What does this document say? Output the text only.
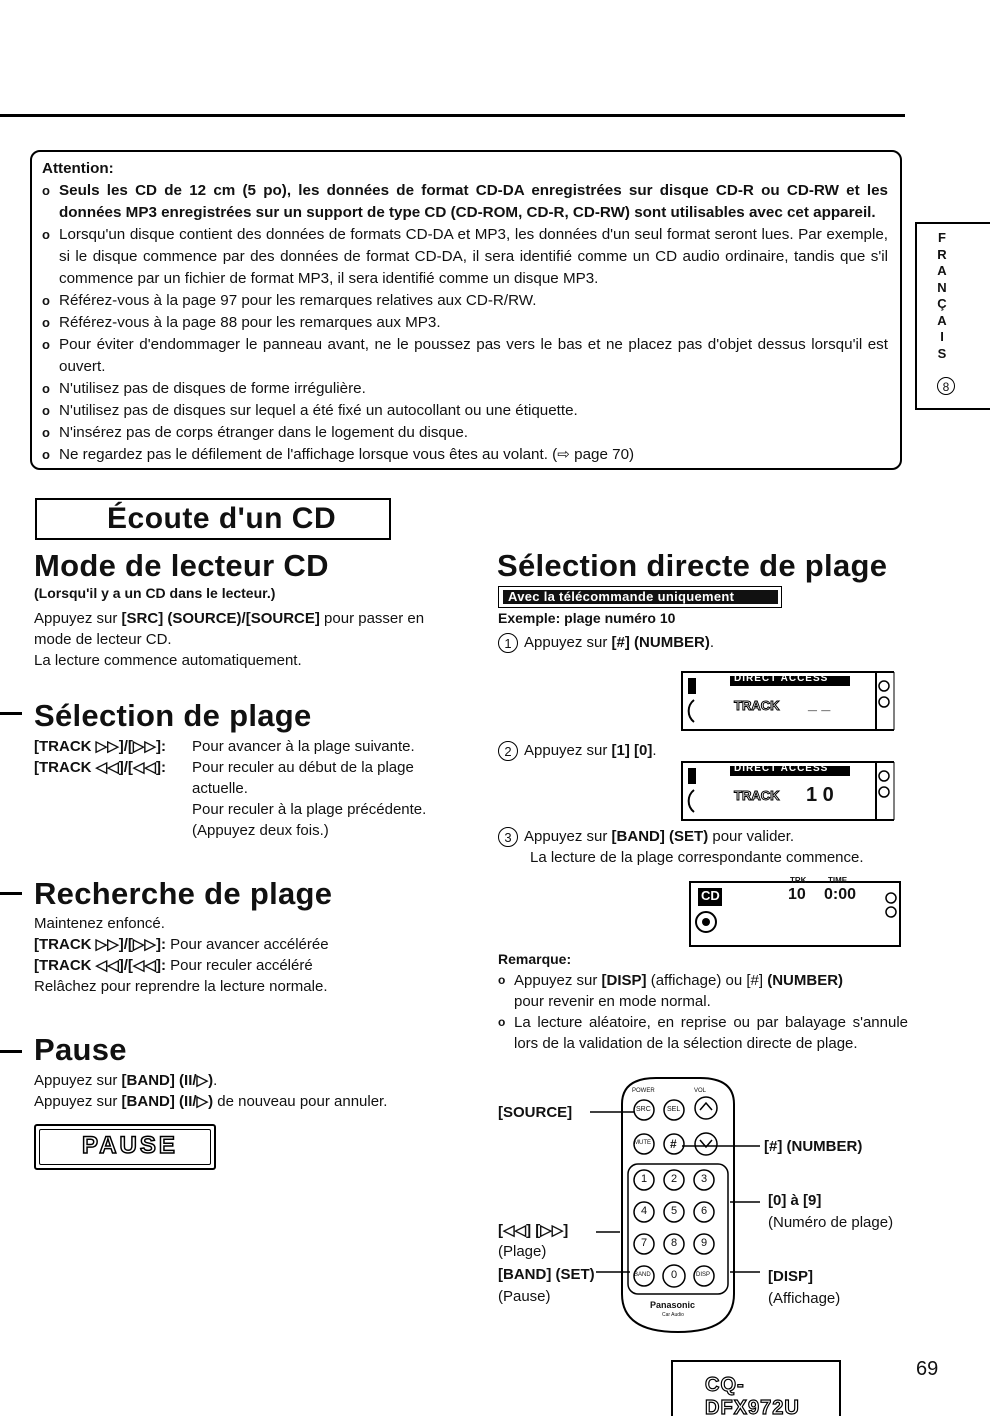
Attention:
o Seuls les CD de 12 cm (5 po), les données de format CD-DA enregistrées sur disque CD-R ou CD-RW et les données MP3 enregistrées sur un support de type CD (CD-ROM, CD-R, CD-RW) sont utilisables avec cet appareil.
o Lorsqu'un disque contient des données de formats CD-DA et MP3, les données d'un seul format seront lues. Par exemple, si le disque commence par des données de format CD-DA, il sera identifié comme un CD audio ordinaire, tandis que s'il commence par un fichier de format MP3, il sera identifié comme un disque MP3.
o Référez-vous à la page 97 pour les remarques relatives aux CD-R/RW.
o Référez-vous à la page 88 pour les remarques aux MP3.
o Pour éviter d'endommager le panneau avant, ne le poussez pas vers le bas et ne placez pas d'objet dessus lorsqu'il est ouvert.
o N'utilisez pas de disques de forme irrégulière.
o N'utilisez pas de disques sur lequel a été fixé un autocollant ou une étiquette.
o N'insérez pas de corps étranger dans le logement du disque.
o Ne regardez pas le défilement de l'affichage lorsque vous êtes au volant. (⇨ page 70)
F
R
A
N
Ç
A
I
S
8
Écoute d'un CD
Mode de lecteur CD
(Lorsqu'il y a un CD dans le lecteur.)
Appuyez sur [SRC] (SOURCE)/[SOURCE] pour passer en
mode de lecteur CD.
La lecture commence automatiquement.
Sélection de plage
[TRACK ▷▷]/[▷▷]: Pour avancer à la plage suivante.
[TRACK ◁◁]/[◁◁]: Pour reculer au début de la plage
actuelle.
Pour reculer à la plage précédente.
(Appuyez deux fois.)
Recherche de plage
Maintenez enfoncé.
[TRACK ▷▷]/[▷▷]: Pour avancer accélérée
[TRACK ◁◁]/[◁◁]: Pour reculer accéléré
Relâchez pour reprendre la lecture normale.
Pause
Appuyez sur [BAND] (II/▷).
Appuyez sur [BAND] (II/▷) de nouveau pour annuler.
PAUSE
Sélection directe de plage
Avec la télécommande uniquement
Exemple: plage numéro 10
1 Appuyez sur [#] (NUMBER).
DIRECT ACCESS
TRACK _ _
2 Appuyez sur [1] [0].
DIRECT ACCESS
TRACK 1 0
3 Appuyez sur [BAND] (SET) pour valider.
La lecture de la plage correspondante commence.
CD
TRK
10
TIME
0:00
Remarque:
o Appuyez sur [DISP] (affichage) ou [#] (NUMBER)
pour revenir en mode normal.
o La lecture aléatoire, en reprise ou par balayage s'annule lors de la validation de la sélection directe de plage.
POWER	VOL
SRC SEL
MUTE #
1 2 3
4 5 6
7 8 9
BAND 0	DISP
Panasonic
Car Audio
[SOURCE]
[#] (NUMBER)
[0] à [9]
(Numéro de plage)
[◁◁] [▷▷]
(Plage)
[BAND] (SET)
(Pause)
[DISP]
(Affichage)
CQ-DFX972U
69
